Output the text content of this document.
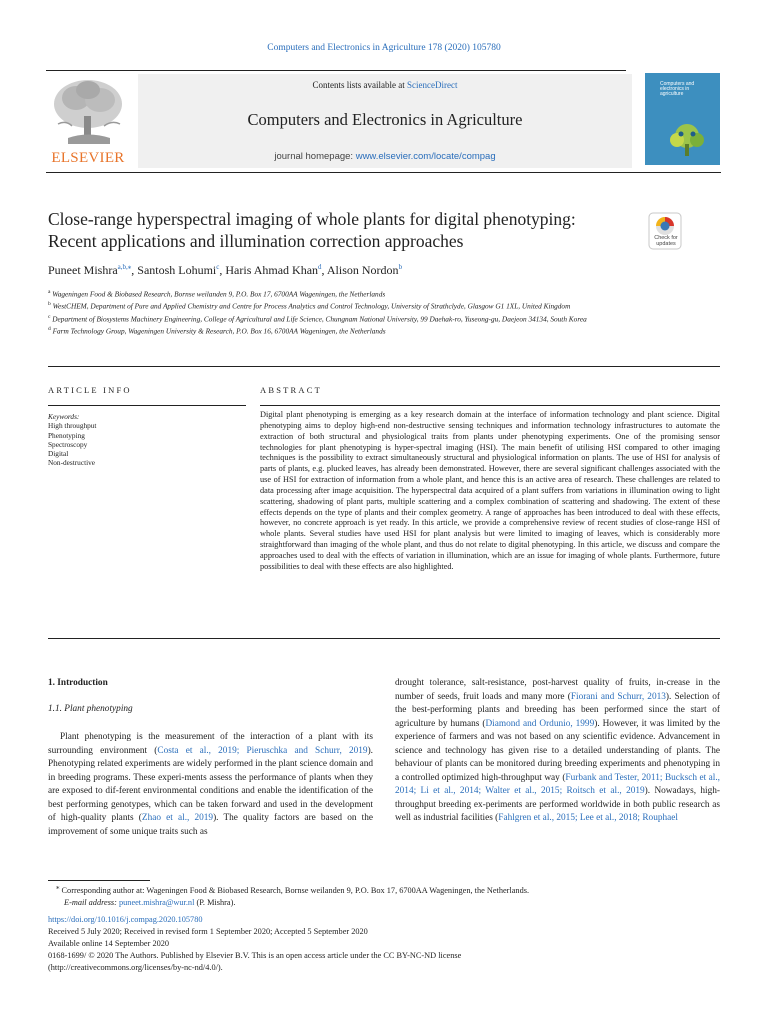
Computers and Electronics in Agriculture 178 (2020) 105780
ELSEVIER
Contents lists available at ScienceDirect
Computers and Electronics in Agriculture
journal homepage: www.elsevier.com/locate/compag
Computers and electronics in agriculture
Close-range hyperspectral imaging of whole plants for digital phenotyping:
Recent applications and illumination correction approaches	Check for updates
Puneet Mishra$^{a,b,⁎}$, Santosh Lohumi$^c$, Haris Ahmad Khan$^d$, Alison Nordon$^b$

$^a$ Wageningen Food & Biobased Research, Bornse weilanden 9, P.O. Box 17, 6700AA Wageningen, the Netherlands

$^b$ WestCHEM, Department of Pure and Applied Chemistry and Centre for Process Analytics and Control Technology, University of Strathclyde, Glasgow G1 1XL, United Kingdom

$^c$ Department of Biosystems Machinery Engineering, College of Agricultural and Life Science, Chungnam National University, 99 Daehak-ro, Yuseong-gu, Daejeon 34134, South Korea

$^d$ Farm Technology Group, Wageningen University & Research, P.O. Box 16, 6700AA Wageningen, the Netherlands

ARTICLE INFO	ABSTRACT
Keywords:
High throughput
Phenotyping
Spectroscopy
Digital
Non-destructive
Digital plant phenotyping is emerging as a key research domain at the interface of information technology and plant science. Digital phenotyping aims to deploy high-end non-destructive sensing techniques and information technology infrastructures to automate the extraction of both structural and physiological traits from plants under phenotyping experiments. One of the promising sensor technologies for plant phenotyping is hyper-spectral imaging (HSI). The main benefit of utilising HSI compared to other imaging techniques is the possibility to extract simultaneously structural and physiological information on plants. The use of HSI for analysis of parts of plants, e.g. plucked leaves, has already been demonstrated. However, there are several significant challenges associated with the use of HSI for extraction of information from a whole plant, and hence this is an active area of research. These challenges are related to data processing after image acquisition. The hyperspectral data acquired of a plant suffers from variations in illumination owing to light scattering, shadowing of plant parts, multiple scattering and a complex combination of scattering and shadowing. The extent of these effects depends on the type of plants and their complex geometry. A range of approaches has been introduced to deal with these effects, however, no concrete approach is yet ready. In this article, we provide a comprehensive review of recent studies of close-range HSI of whole plants. Several studies have used HSI for plant analysis but were limited to imaging of leaves, which is considerably more straightforward than imaging of the whole plant, and thus do not relate to digital phenotyping. In this article, we discuss and compare the approaches used to deal with the effects of variation in illumination, which are an issue for imaging of whole plants. Furthermore, future possibilities to deal with these effects are also highlighted.
1. Introduction
1.1. Plant phenotyping
Plant phenotyping is the measurement of the interaction of a plant with its surrounding environment (Costa et al., 2019; Pieruschka and Schurr, 2019). Phenotyping related experiments are widely performed in the plant science domain and in breeding programs. These experi-ments assess the performance of plants when they are exposed to dif-ferent environmental conditions and enable the identification of the best performing genotypes, which can be taken forward and used in the development of high-quality plants (Zhao et al., 2019). The quality factors are based on the improvement of some unique traits such as
drought tolerance, salt-resistance, post-harvest quality of fruits, in-crease in the number of seeds, fruit loads and many more (Fiorani and Schurr, 2013). Selection of the best-performing plants and breeding has been performed since the start of agriculture by humans (Diamond and Ordunio, 1999). However, it was limited by the experience of farmers and was not based on any scientific evidence. Advancement in science and technology has given rise to a detailed understanding of plants. The behaviour of plants can be monitored during breeding experiments and phenotyping in a controlled optimized high-throughput way (Furbank and Tester, 2011; Bucksch et al., 2014; Li et al., 2014; Walter et al., 2015; Roitsch et al., 2019). Nowadays, high-throughput breeding ex-periments are performed worldwide in both public research as well as industrial facilities (Fahlgren et al., 2015; Lee et al., 2018; Rouphael
⁎ Corresponding author at: Wageningen Food & Biobased Research, Bornse weilanden 9, P.O. Box 17, 6700AA Wageningen, the Netherlands.
E-mail address: puneet.mishra@wur.nl (P. Mishra).
https://doi.org/10.1016/j.compag.2020.105780
Received 5 July 2020; Received in revised form 1 September 2020; Accepted 5 September 2020
Available online 14 September 2020
0168-1699/ © 2020 The Authors. Published by Elsevier B.V. This is an open access article under the CC BY-NC-ND license
(http://creativecommons.org/licenses/by-nc-nd/4.0/).
